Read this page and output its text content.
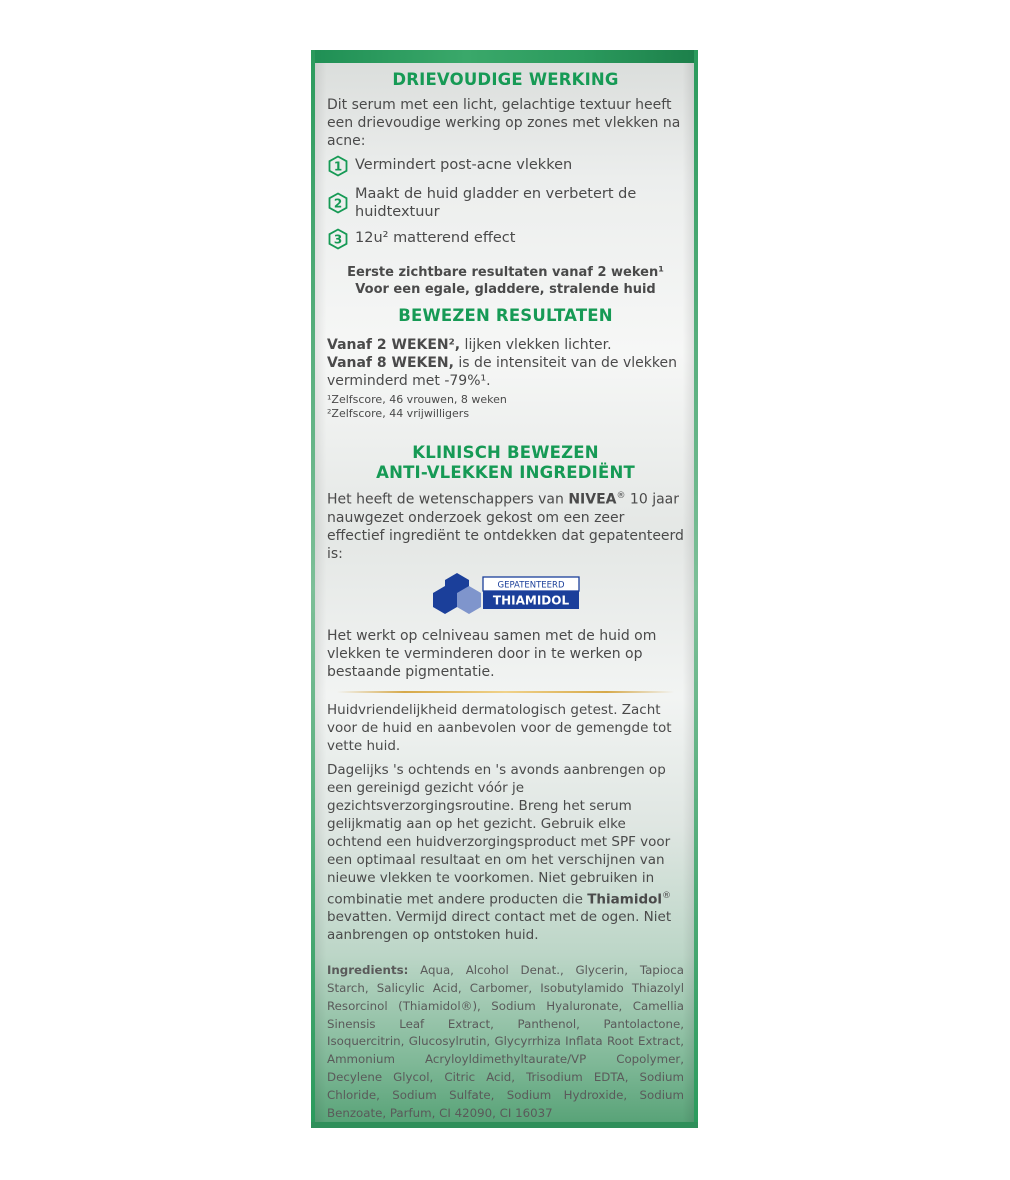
DRIEVOUDIGE WERKING

Dit serum met een licht, gelachtige textuur heeft een drievoudige werking op zones met vlekken na acne:

1 Vermindert post-acne vlekken
2
Maakt de huid gladder en verbetert de huidtextuur
3 12u² matterend effect

Eerste zichtbare resultaten vanaf 2 weken¹

Voor een egale, gladdere, stralende huid

BEWEZEN RESULTATEN

Vanaf 2 WEKEN², lijken vlekken lichter.

Vanaf 8 WEKEN, is de intensiteit van de vlekken verminderd met -79%¹.

¹Zelfscore, 46 vrouwen, 8 weken

²Zelfscore, 44 vrijwilligers

KLINISCH BEWEZEN
ANTI-VLEKKEN INGREDIËNT

Het heeft de wetenschappers van NIVEA® 10 jaar nauwgezet onderzoek gekost om een zeer effectief ingrediënt te ontdekken dat gepatenteerd is:

GEPATENTEERD
THIAMIDOL

Het werkt op celniveau samen met de huid om vlekken te verminderen door in te werken op bestaande pigmentatie.

Huidvriendelijkheid dermatologisch getest. Zacht voor de huid en aanbevolen voor de gemengde tot vette huid.

Dagelijks 's ochtends en 's avonds aanbrengen op een gereinigd gezicht vóór je gezichtsverzorgingsroutine. Breng het serum gelijkmatig aan op het gezicht. Gebruik elke ochtend een huidverzorgingsproduct met SPF voor een optimaal resultaat en om het verschijnen van nieuwe vlekken te voorkomen. Niet gebruiken in combinatie met andere producten die Thiamidol® bevatten. Vermijd direct contact met de ogen. Niet aanbrengen op ontstoken huid.

Ingredients: Aqua, Alcohol Denat., Glycerin, Tapioca Starch, Salicylic Acid, Carbomer, Isobutylamido Thiazolyl Resorcinol (Thiamidol®), Sodium Hyaluronate, Camellia Sinensis Leaf Extract, Panthenol, Pantolactone, Isoquercitrin, Glucosylrutin, Glycyrrhiza Inflata Root Extract, Ammonium Acryloyldimethyltaurate/VP Copolymer, Decylene Glycol, Citric Acid, Trisodium EDTA, Sodium Chloride, Sodium Sulfate, Sodium Hydroxide, Sodium Benzoate, Parfum, CI 42090, CI 16037
